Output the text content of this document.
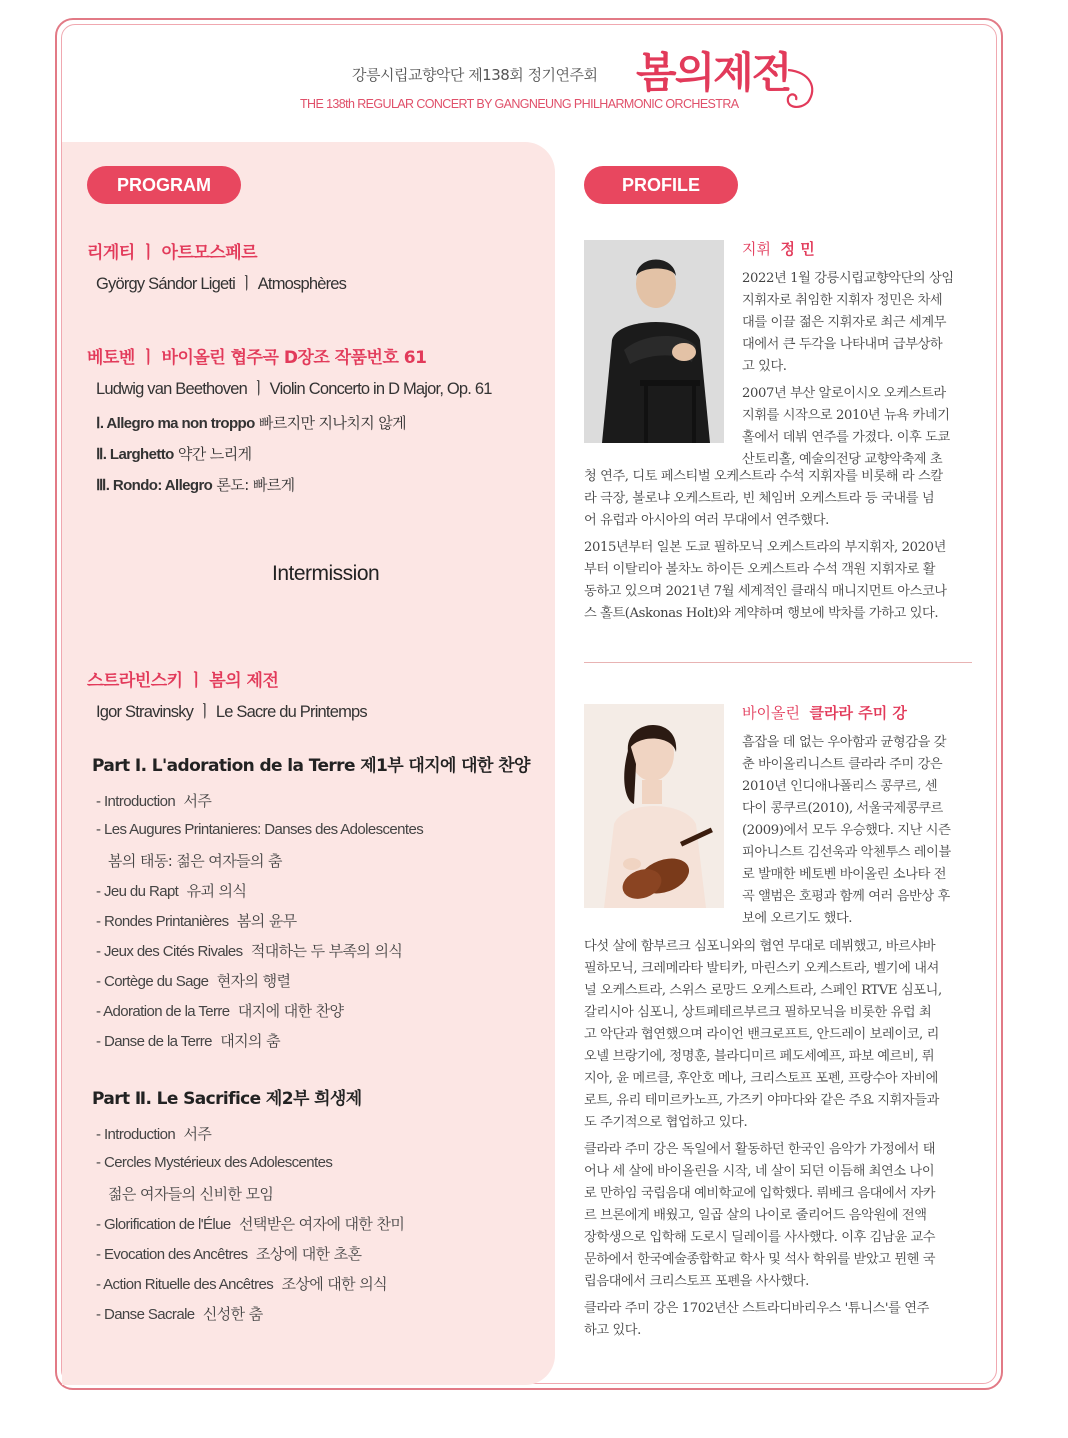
강릉시립교향악단 제138회 정기연주회
THE 138th REGULAR CONCERT BY GANGNEUNG PHILHARMONIC ORCHESTRA
봄의제전
PROGRAM
리게티 ㅣ 아트모스페르
György Sándor Ligeti ㅣ Atmosphères
베토벤 ㅣ 바이올린 협주곡 D장조 작품번호 61
Ludwig van Beethoven ㅣ Violin Concerto in D Major, Op. 61
Ⅰ. Allegro ma non troppo 빠르지만 지나치지 않게
Ⅱ. Larghetto 약간 느리게
Ⅲ. Rondo: Allegro 론도: 빠르게
Intermission
스트라빈스키 ㅣ 봄의 제전
Igor Stravinsky ㅣ Le Sacre du Printemps
Part Ⅰ. L'adoration de la Terre 제1부 대지에 대한 찬양
- Introduction  서주
- Les Augures Printanieres: Danses des Adolescentes
봄의 태동: 젊은 여자들의 춤
- Jeu du Rapt  유괴 의식
- Rondes Printanières  봄의 윤무
- Jeux des Cités Rivales  적대하는 두 부족의 의식
- Cortège du Sage  현자의 행렬
- Adoration de la Terre  대지에 대한 찬양
- Danse de la Terre  대지의 춤
Part Ⅱ. Le Sacrifice 제2부 희생제
- Introduction  서주
- Cercles Mystérieux des Adolescentes
젊은 여자들의 신비한 모임
- Glorification de l'Élue  선택받은 여자에 대한 찬미
- Evocation des Ancêtres  조상에 대한 초혼
- Action Rituelle des Ancêtres  조상에 대한 의식
- Danse Sacrale  신성한 춤
PROFILE
지휘 정 민
2022년 1월 강릉시립교향악단의 상임
지휘자로 취임한 지휘자 정민은 차세
대를 이끌 젊은 지휘자로 최근 세계무
대에서 큰 두각을 나타내며 급부상하
고 있다.
2007년 부산 알로이시오 오케스트라
지휘를 시작으로 2010년 뉴욕 카네기
홀에서 데뷔 연주를 가졌다. 이후 도쿄
산토리홀, 예술의전당 교향악축제 초
청 연주, 디토 페스티벌 오케스트라 수석 지휘자를 비롯해 라 스칼
라 극장, 볼로냐 오케스트라, 빈 체임버 오케스트라 등 국내를 넘
어 유럽과 아시아의 여러 무대에서 연주했다.
2015년부터 일본 도쿄 필하모닉 오케스트라의 부지휘자, 2020년
부터 이탈리아 볼차노 하이든 오케스트라 수석 객원 지휘자로 활
동하고 있으며 2021년 7월 세계적인 클래식 매니지먼트 아스코나
스 홀트(Askonas Holt)와 계약하며 행보에 박차를 가하고 있다.
바이올린 클라라 주미 강
흠잡을 데 없는 우아함과 균형감을 갖
춘 바이올리니스트 클라라 주미 강은
2010년 인디애나폴리스 콩쿠르, 센
다이 콩쿠르(2010), 서울국제콩쿠르
(2009)에서 모두 우승했다. 지난 시즌
피아니스트 김선욱과 악첸투스 레이블
로 발매한 베토벤 바이올린 소나타 전
곡 앨범은 호평과 함께 여러 음반상 후
보에 오르기도 했다.
다섯 살에 함부르크 심포니와의 협연 무대로 데뷔했고, 바르샤바
필하모닉, 크레메라타 발티카, 마린스키 오케스트라, 벨기에 내셔
널 오케스트라, 스위스 로망드 오케스트라, 스페인 RTVE 심포니,
갈리시아 심포니, 상트페테르부르크 필하모닉을 비롯한 유럽 최
고 악단과 협연했으며 라이언 밴크로프트, 안드레이 보레이코, 리
오넬 브랑기에, 정명훈, 블라디미르 페도세예프, 파보 예르비, 뤼
지아, 윤 메르클, 후안호 메나, 크리스토프 포펜, 프랑수아 자비에
로트, 유리 테미르카노프, 가즈키 야마다와 같은 주요 지휘자들과
도 주기적으로 협업하고 있다.
클라라 주미 강은 독일에서 활동하던 한국인 음악가 가정에서 태
어나 세 살에 바이올린을 시작, 네 살이 되던 이듬해 최연소 나이
로 만하임 국립음대 예비학교에 입학했다. 뤼베크 음대에서 자카
르 브론에게 배웠고, 일곱 살의 나이로 줄리어드 음악원에 전액
장학생으로 입학해 도로시 딜레이를 사사했다. 이후 김남윤 교수
문하에서 한국예술종합학교 학사 및 석사 학위를 받았고 뮌헨 국
립음대에서 크리스토프 포펜을 사사했다.
클라라 주미 강은 1702년산 스트라디바리우스 '튜니스'를 연주
하고 있다.
